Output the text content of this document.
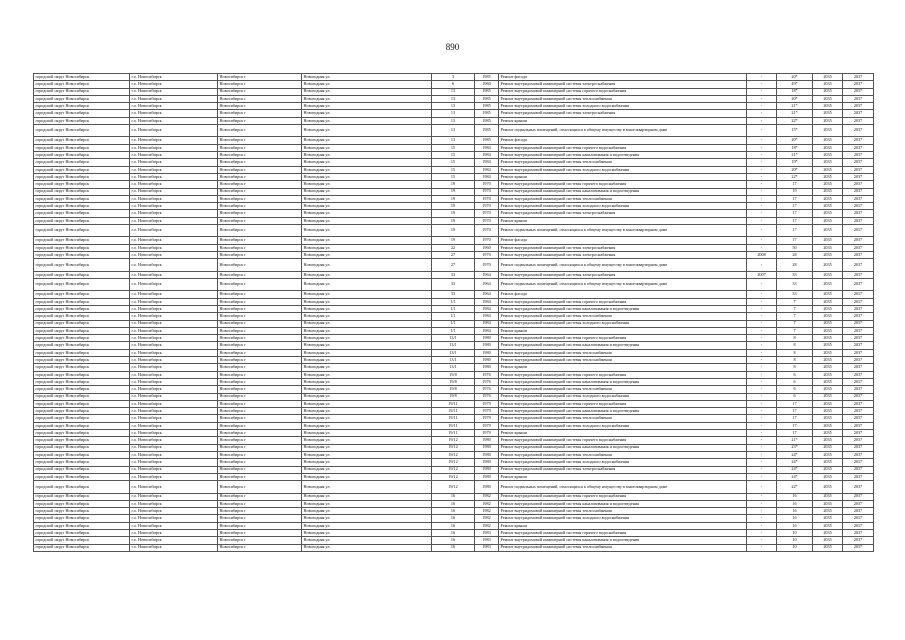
890
городской округ Новосибирск	г.о. Новосибирск	Новосибирск г	Новогодняя ул.	3	1985	Ремонт фасада	-	20*	2035	2037
городской округ Новосибирск	г.о. Новосибирск	Новосибирск г	Новогодняя ул.	6	1960	Ремонт внутридомовой инженерной системы электроснабжения	-	49*	2035	2037
городской округ Новосибирск	г.о. Новосибирск	Новосибирск г	Новогодняя ул.	13	1985	Ремонт внутридомовой инженерной системы горячего водоснабжения	-	18*	2035	2037
городской округ Новосибирск	г.о. Новосибирск	Новосибирск г	Новогодняя ул.	13	1985	Ремонт внутридомовой инженерной системы теплоснабжения	-	20*	2035	2037
городской округ Новосибирск	г.о. Новосибирск	Новосибирск г	Новогодняя ул.	13	1985	Ремонт внутридомовой инженерной системы холодного водоснабжения	-	21*	2035	2037
городской округ Новосибирск	г.о. Новосибирск	Новосибирск г	Новогодняя ул.	13	1985	Ремонт внутридомовой инженерной системы электроснабжения	-	21*	2035	2037
городской округ Новосибирск	г.о. Новосибирск	Новосибирск г	Новогодняя ул.	13	1985	Ремонт крыши	-	22*	2035	2037
городской округ Новосибирск	г.о. Новосибирск	Новосибирск г	Новогодняя ул.	13	1985	Ремонт подвальных помещений, относящихся к общему имуществу в многоквартирном доме	-	15*	2035	2037
городской округ Новосибирск	г.о. Новосибирск	Новосибирск г	Новогодняя ул.	13	1985	Ремонт фасада	-	20*	2035	2037
городской округ Новосибирск	г.о. Новосибирск	Новосибирск г	Новогодняя ул.	15	1984	Ремонт внутридомовой инженерной системы горячего водоснабжения	-	18*	2035	2037
городской округ Новосибирск	г.о. Новосибирск	Новосибирск г	Новогодняя ул.	15	1984	Ремонт внутридомовой инженерной системы канализования и водоотведения	-	21*	2035	2037
городской округ Новосибирск	г.о. Новосибирск	Новосибирск г	Новогодняя ул.	15	1984	Ремонт внутридомовой инженерной системы теплоснабжения	-	19*	2035	2037
городской округ Новосибирск	г.о. Новосибирск	Новосибирск г	Новогодняя ул.	15	1984	Ремонт внутридомовой инженерной системы холодного водоснабжения	-	20*	2035	2037
городской округ Новосибирск	г.о. Новосибирск	Новосибирск г	Новогодняя ул.	15	1984	Ремонт крыши	-	22*	2035	2037
городской округ Новосибирск	г.о. Новосибирск	Новосибирск г	Новогодняя ул.	19	1970	Ремонт внутридомовой инженерной системы горячего водоснабжения	-	17	2035	2037
городской округ Новосибирск	г.о. Новосибирск	Новосибирск г	Новогодняя ул.	19	1970	Ремонт внутридомовой инженерной системы канализования и водоотведения	-	19	2035	2037
городской округ Новосибирск	г.о. Новосибирск	Новосибирск г	Новогодняя ул.	19	1970	Ремонт внутридомовой инженерной системы теплоснабжения	-	17	2035	2037
городской округ Новосибирск	г.о. Новосибирск	Новосибирск г	Новогодняя ул.	19	1970	Ремонт внутридомовой инженерной системы холодного водоснабжения	-	17	2035	2037
городской округ Новосибирск	г.о. Новосибирск	Новосибирск г	Новогодняя ул.	19	1970	Ремонт внутридомовой инженерной системы электроснабжения	-	17	2035	2037
городской округ Новосибирск	г.о. Новосибирск	Новосибирск г	Новогодняя ул.	19	1970	Ремонт крыши	-	17	2035	2037
городской округ Новосибирск	г.о. Новосибирск	Новосибирск г	Новогодняя ул.	19	1970	Ремонт подвальных помещений, относящихся к общему имуществу в многоквартирном доме	-	17	2035	2037
городской округ Новосибирск	г.о. Новосибирск	Новосибирск г	Новогодняя ул.	19	1970	Ремонт фасада	-	17	2035	2037
городской округ Новосибирск	г.о. Новосибирск	Новосибирск г	Новогодняя ул.	22	1960	Ремонт внутридомовой инженерной системы электроснабжения	-	50	2035	2037
городской округ Новосибирск	г.о. Новосибирск	Новосибирск г	Новогодняя ул.	27	1970	Ремонт внутридомовой инженерной системы электроснабжения	2008	28	2035	2037
городской округ Новосибирск	г.о. Новосибирск	Новосибирск г	Новогодняя ул.	27	1970	Ремонт подвальных помещений, относящихся к общему имуществу в многоквартирном доме	-	28	2035	2037
городской округ Новосибирск	г.о. Новосибирск	Новосибирск г	Новогодняя ул.	33	1964	Ремонт внутридомовой инженерной системы электроснабжения	2007	33	2035	2037
городской округ Новосибирск	г.о. Новосибирск	Новосибирск г	Новогодняя ул.	33	1964	Ремонт подвальных помещений, относящихся к общему имуществу в многоквартирном доме	-	33	2035	2037
городской округ Новосибирск	г.о. Новосибирск	Новосибирск г	Новогодняя ул.	33	1964	Ремонт фасада	-	33	2035	2037
городской округ Новосибирск	г.о. Новосибирск	Новосибирск г	Новогодняя ул.	1/1	1984	Ремонт внутридомовой инженерной системы горячего водоснабжения	-	7	2035	2037
городской округ Новосибирск	г.о. Новосибирск	Новосибирск г	Новогодняя ул.	1/1	1984	Ремонт внутридомовой инженерной системы канализования и водоотведения	-	7	2035	2037
городской округ Новосибирск	г.о. Новосибирск	Новосибирск г	Новогодняя ул.	1/1	1984	Ремонт внутридомовой инженерной системы теплоснабжения	-	7	2035	2037
городской округ Новосибирск	г.о. Новосибирск	Новосибирск г	Новогодняя ул.	1/1	1984	Ремонт внутридомовой инженерной системы холодного водоснабжения	-	7	2035	2037
городской округ Новосибирск	г.о. Новосибирск	Новосибирск г	Новогодняя ул.	1/1	1984	Ремонт крыши	-	7	2035	2037
городской округ Новосибирск	г.о. Новосибирск	Новосибирск г	Новогодняя ул.	13/1	1980	Ремонт внутридомовой инженерной системы горячего водоснабжения	-	8	2035	2037
городской округ Новосибирск	г.о. Новосибирск	Новосибирск г	Новогодняя ул.	13/1	1980	Ремонт внутридомовой инженерной системы канализования и водоотведения	-	8	2035	2037
городской округ Новосибирск	г.о. Новосибирск	Новосибирск г	Новогодняя ул.	13/1	1980	Ремонт внутридомовой инженерной системы теплоснабжения	-	8	2035	2037
городской округ Новосибирск	г.о. Новосибирск	Новосибирск г	Новогодняя ул.	13/1	1980	Ремонт внутридомовой инженерной системы теплоснабжения	-	8	2035	2037
городской округ Новосибирск	г.о. Новосибирск	Новосибирск г	Новогодняя ул.	13/1	1980	Ремонт крыши	-	8	2035	2037
городской округ Новосибирск	г.о. Новосибирск	Новосибирск г	Новогодняя ул.	19/8	1976	Ремонт внутридомовой инженерной системы горячего водоснабжения	-	6	2035	2037
городской округ Новосибирск	г.о. Новосибирск	Новосибирск г	Новогодняя ул.	19/8	1976	Ремонт внутридомовой инженерной системы канализования и водоотведения	-	6	2035	2037
городской округ Новосибирск	г.о. Новосибирск	Новосибирск г	Новогодняя ул.	19/8	1976	Ремонт внутридомовой инженерной системы теплоснабжения	-	6	2035	2037
городской округ Новосибирск	г.о. Новосибирск	Новосибирск г	Новогодняя ул.	19/8	1976	Ремонт внутридомовой инженерной системы холодного водоснабжения	-	6	2035	2037
городской округ Новосибирск	г.о. Новосибирск	Новосибирск г	Новогодняя ул.	19/11	1979	Ремонт внутридомовой инженерной системы горячего водоснабжения	-	17	2035	2037
городской округ Новосибирск	г.о. Новосибирск	Новосибирск г	Новогодняя ул.	19/11	1979	Ремонт внутридомовой инженерной системы канализования и водоотведения	-	17	2035	2037
городской округ Новосибирск	г.о. Новосибирск	Новосибирск г	Новогодняя ул.	19/11	1979	Ремонт внутридомовой инженерной системы теплоснабжения	-	17	2035	2037
городской округ Новосибирск	г.о. Новосибирск	Новосибирск г	Новогодняя ул.	19/11	1979	Ремонт внутридомовой инженерной системы холодного водоснабжения	-	17	2035	2037
городской округ Новосибирск	г.о. Новосибирск	Новосибирск г	Новогодняя ул.	19/11	1979	Ремонт крыши	-	17	2035	2037
городской округ Новосибирск	г.о. Новосибирск	Новосибирск г	Новогодняя ул.	19/12	1980	Ремонт внутридомовой инженерной системы горячего водоснабжения	-	21*	2035	2037
городской округ Новосибирск	г.о. Новосибирск	Новосибирск г	Новогодняя ул.	19/12	1980	Ремонт внутридомовой инженерной системы канализования и водоотведения	-	23*	2035	2037
городской округ Новосибирск	г.о. Новосибирск	Новосибирск г	Новогодняя ул.	19/12	1980	Ремонт внутридомовой инженерной системы теплоснабжения	-	24*	2035	2037
городской округ Новосибирск	г.о. Новосибирск	Новосибирск г	Новогодняя ул.	19/12	1980	Ремонт внутридомовой инженерной системы холодного водоснабжения	-	24*	2035	2037
городской округ Новосибирск	г.о. Новосибирск	Новосибирск г	Новогодняя ул.	19/12	1980	Ремонт внутридомовой инженерной системы электроснабжения	-	24*	2035	2037
городской округ Новосибирск	г.о. Новосибирск	Новосибирск г	Новогодняя ул.	19/12	1980	Ремонт крыши	-	24*	2035	2037
городской округ Новосибирск	г.о. Новосибирск	Новосибирск г	Новогодняя ул.	19/12	1980	Ремонт подвальных помещений, относящихся к общему имуществу в многоквартирном доме	-	22*	2035	2037
городской округ Новосибирск	г.о. Новосибирск	Новосибирск г	Новогодняя ул.	16	1982	Ремонт внутридомовой инженерной системы горячего водоснабжения	-	16	2035	2037
городской округ Новосибирск	г.о. Новосибирск	Новосибирск г	Новогодняя ул.	16	1982	Ремонт внутридомовой инженерной системы канализования и водоотведения	-	16	2035	2037
городской округ Новосибирск	г.о. Новосибирск	Новосибирск г	Новогодняя ул.	16	1982	Ремонт внутридомовой инженерной системы теплоснабжения	-	16	2035	2037
городской округ Новосибирск	г.о. Новосибирск	Новосибирск г	Новогодняя ул.	16	1982	Ремонт внутридомовой инженерной системы холодного водоснабжения	-	16	2035	2037
городской округ Новосибирск	г.о. Новосибирск	Новосибирск г	Новогодняя ул.	16	1982	Ремонт крыши	-	16	2035	2037
городской округ Новосибирск	г.о. Новосибирск	Новосибирск г	Новогодняя ул.	16	1983	Ремонт внутридомовой инженерной системы горячего водоснабжения	-	10	2035	2037
городской округ Новосибирск	г.о. Новосибирск	Новосибирск г	Новогодняя ул.	16	1983	Ремонт внутридомовой инженерной системы канализования и водоотведения	-	10	2035	2037
городской округ Новосибирск	г.о. Новосибирск	Новосибирск г	Новогодняя ул.	16	1983	Ремонт внутридомовой инженерной системы теплоснабжения	-	10	2035	2037
